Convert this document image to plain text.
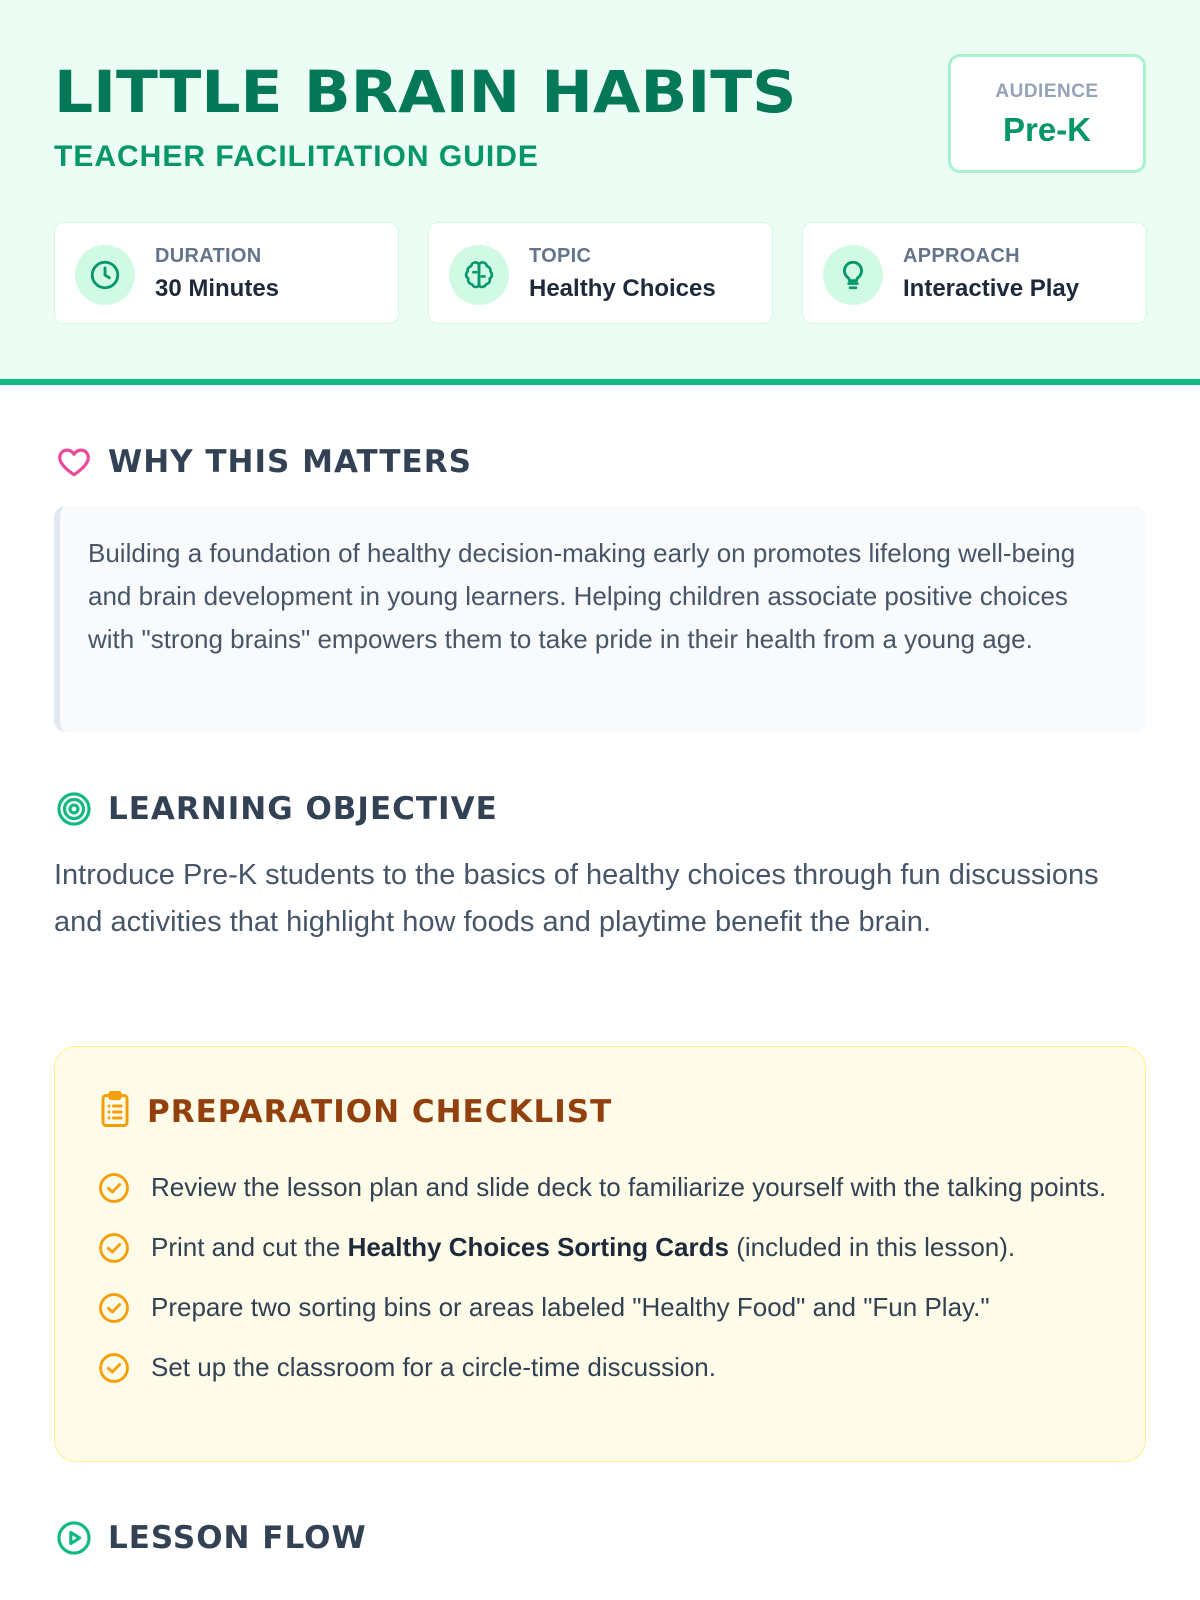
LITTLE BRAIN HABITS
TEACHER FACILITATION GUIDE
AUDIENCE
Pre-K
DURATION
30 Minutes
TOPIC
Healthy Choices
APPROACH
Interactive Play
WHY THIS MATTERS

Building a foundation of healthy decision-making early on promotes lifelong well-being and brain development in young learners. Helping children associate positive choices with "strong brains" empowers them to take pride in their health from a young age.

LEARNING OBJECTIVE

Introduce Pre-K students to the basics of healthy choices through fun discussions and activities that highlight how foods and playtime benefit the brain.

PREPARATION CHECKLIST
Review the lesson plan and slide deck to familiarize yourself with the talking points.
Print and cut the Healthy Choices Sorting Cards (included in this lesson).
Prepare two sorting bins or areas labeled "Healthy Food" and "Fun Play."
Set up the classroom for a circle-time discussion.
LESSON FLOW
